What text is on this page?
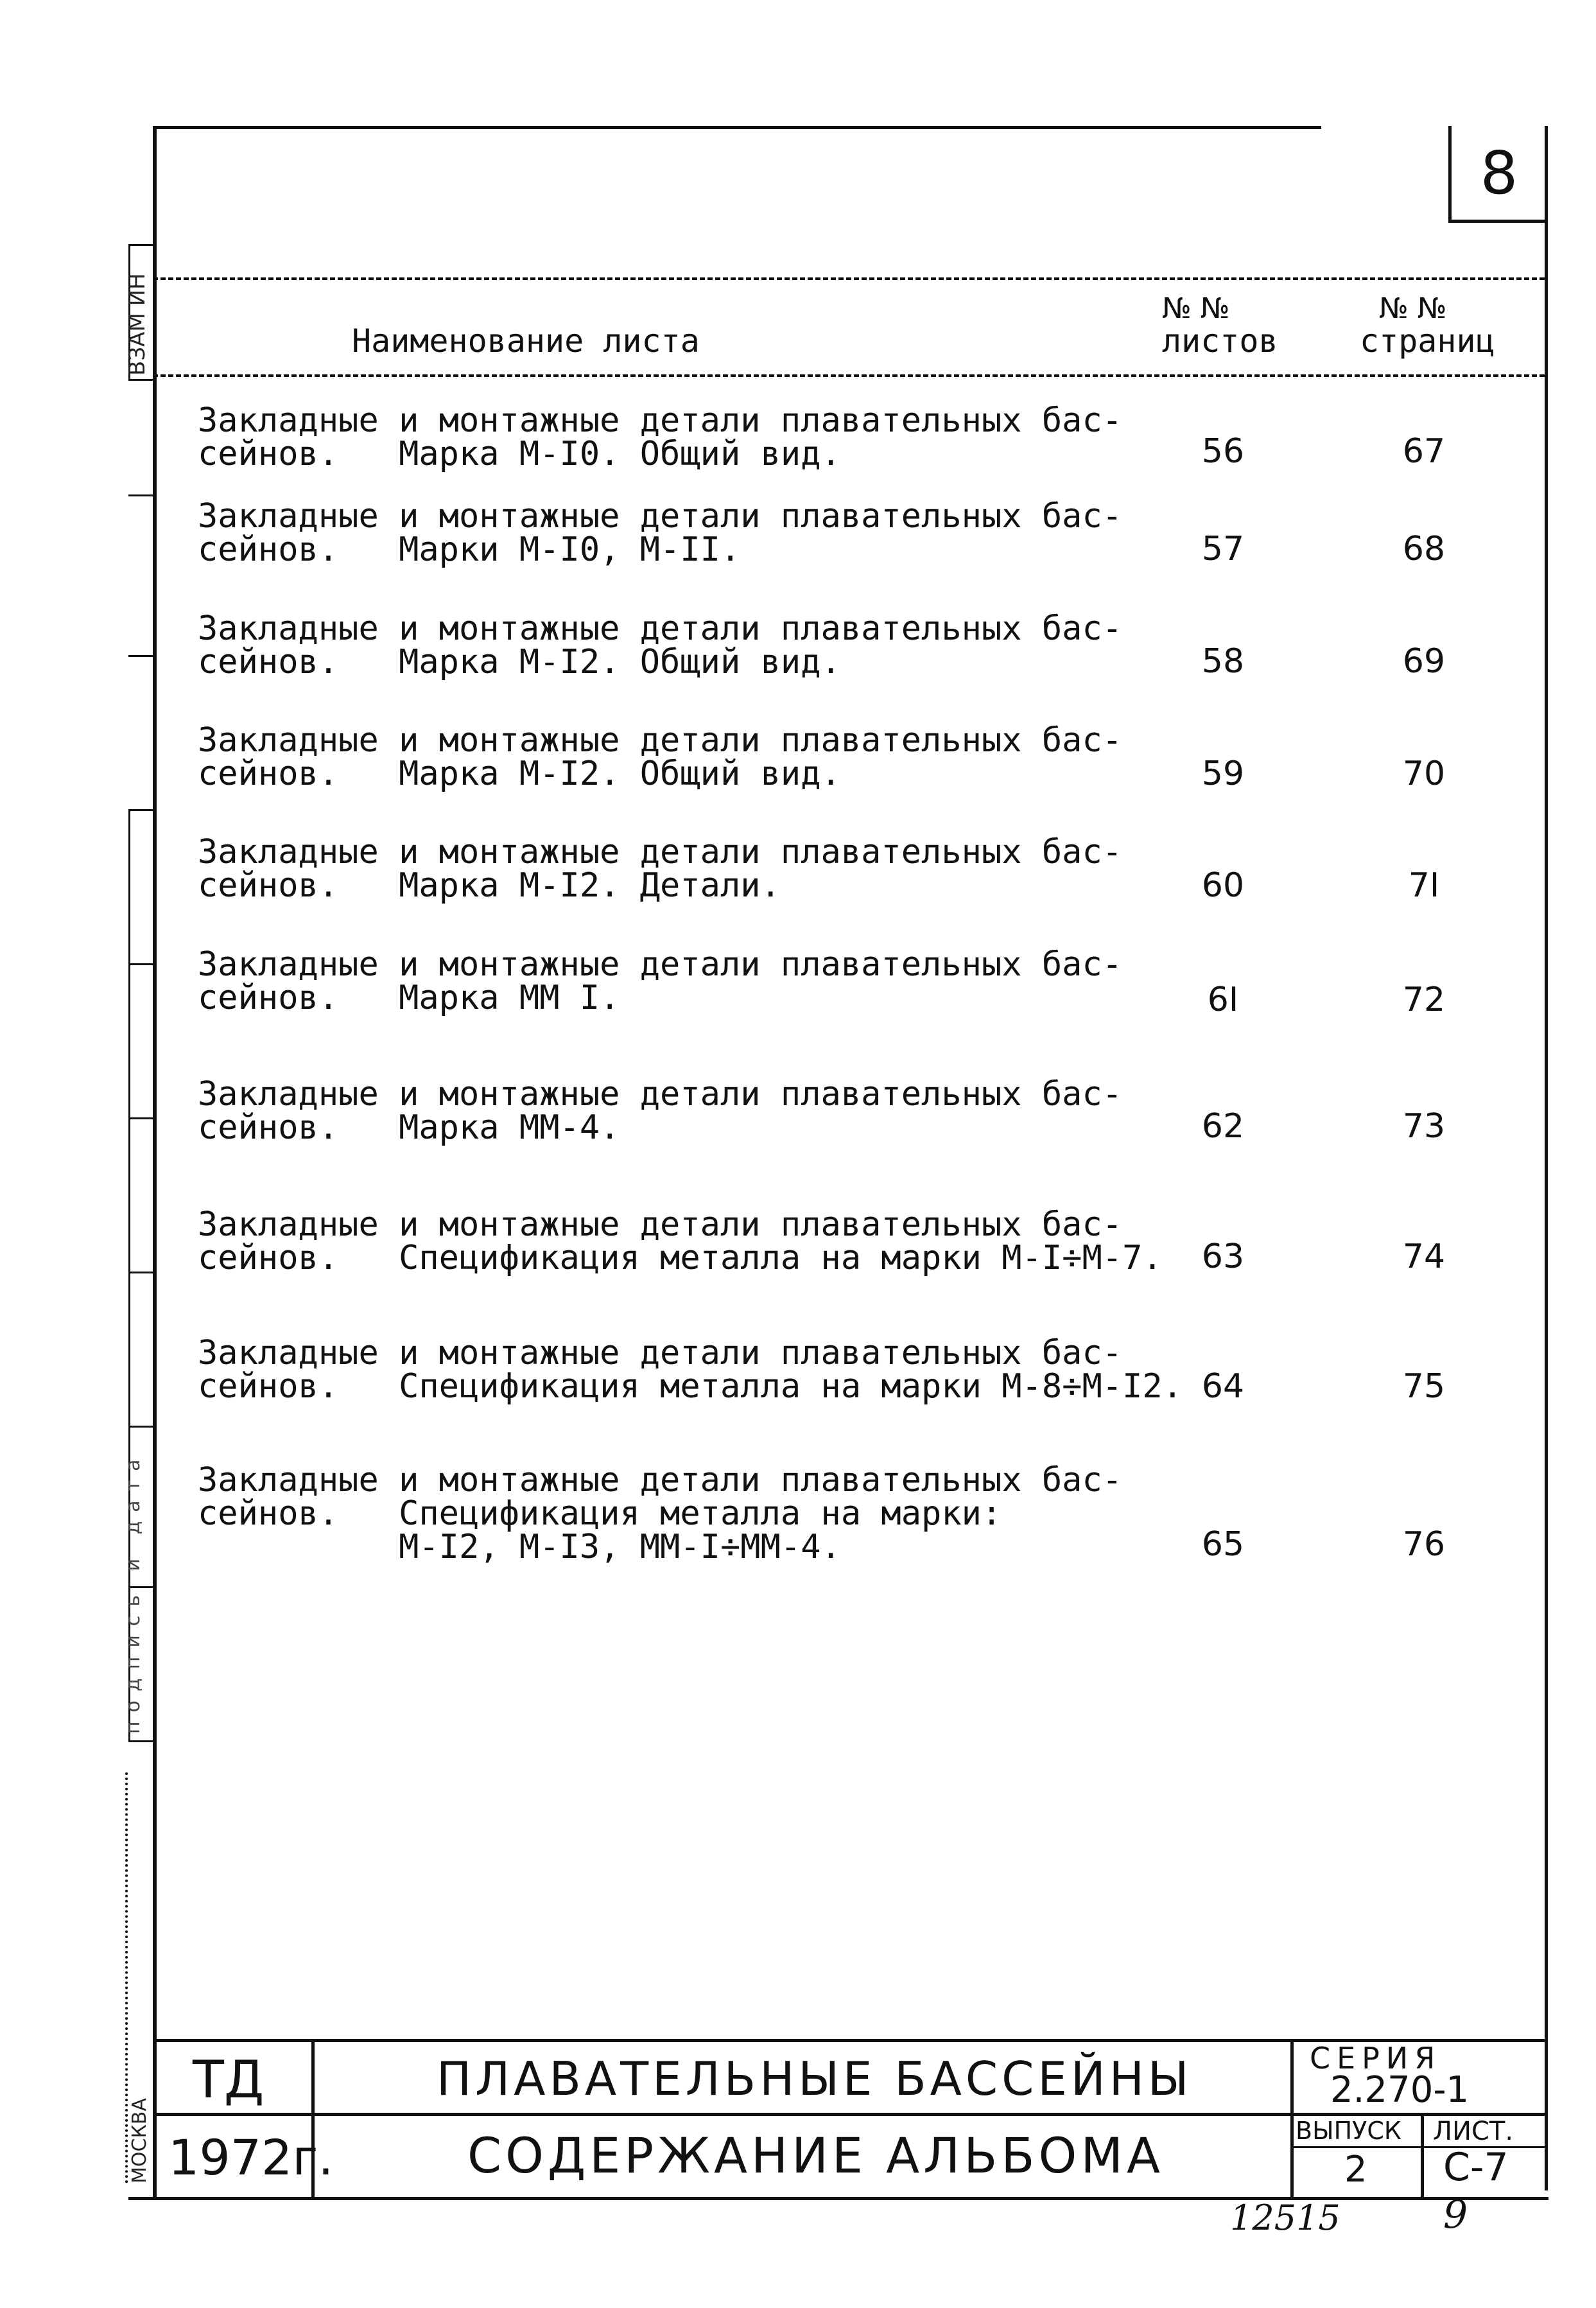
8
ВЗАМ ИН
подпись и дата
МОСКВА
Наименование листа
№ №
листов
№ №
страниц
Закладные и монтажные детали плавательных бас-
сейнов.   Марка М-I0. Общий вид.	56	67
Закладные и монтажные детали плавательных бас-
сейнов.   Марки М-I0, М-II.	57	68
Закладные и монтажные детали плавательных бас-
сейнов.   Марка М-I2. Общий вид.	58	69
Закладные и монтажные детали плавательных бас-
сейнов.   Марка М-I2. Общий вид.	59	70
Закладные и монтажные детали плавательных бас-
сейнов.   Марка М-I2. Детали.	60	7I
Закладные и монтажные детали плавательных бас-
сейнов.   Марка ММ I.	6I	72
Закладные и монтажные детали плавательных бас-
сейнов.   Марка ММ-4.	62	73
Закладные и монтажные детали плавательных бас-
сейнов.   Спецификация металла на марки М-I÷М-7.	63	74
Закладные и монтажные детали плавательных бас-
сейнов.   Спецификация металла на марки М-8÷М-I2. 64	75
Закладные и монтажные детали плавательных бас-
сейнов.   Спецификация металла на марки:
М-I2, М-I3, ММ-I÷ММ-4.	65	76
ТД
1972г.
ПЛАВАТЕЛЬНЫЕ БАССЕЙНЫ
СОДЕРЖАНИЕ АЛЬБОМА
СЕРИЯ
2.270-1
ВЫПУСК
2
ЛИСТ.
С-7
12515	9
